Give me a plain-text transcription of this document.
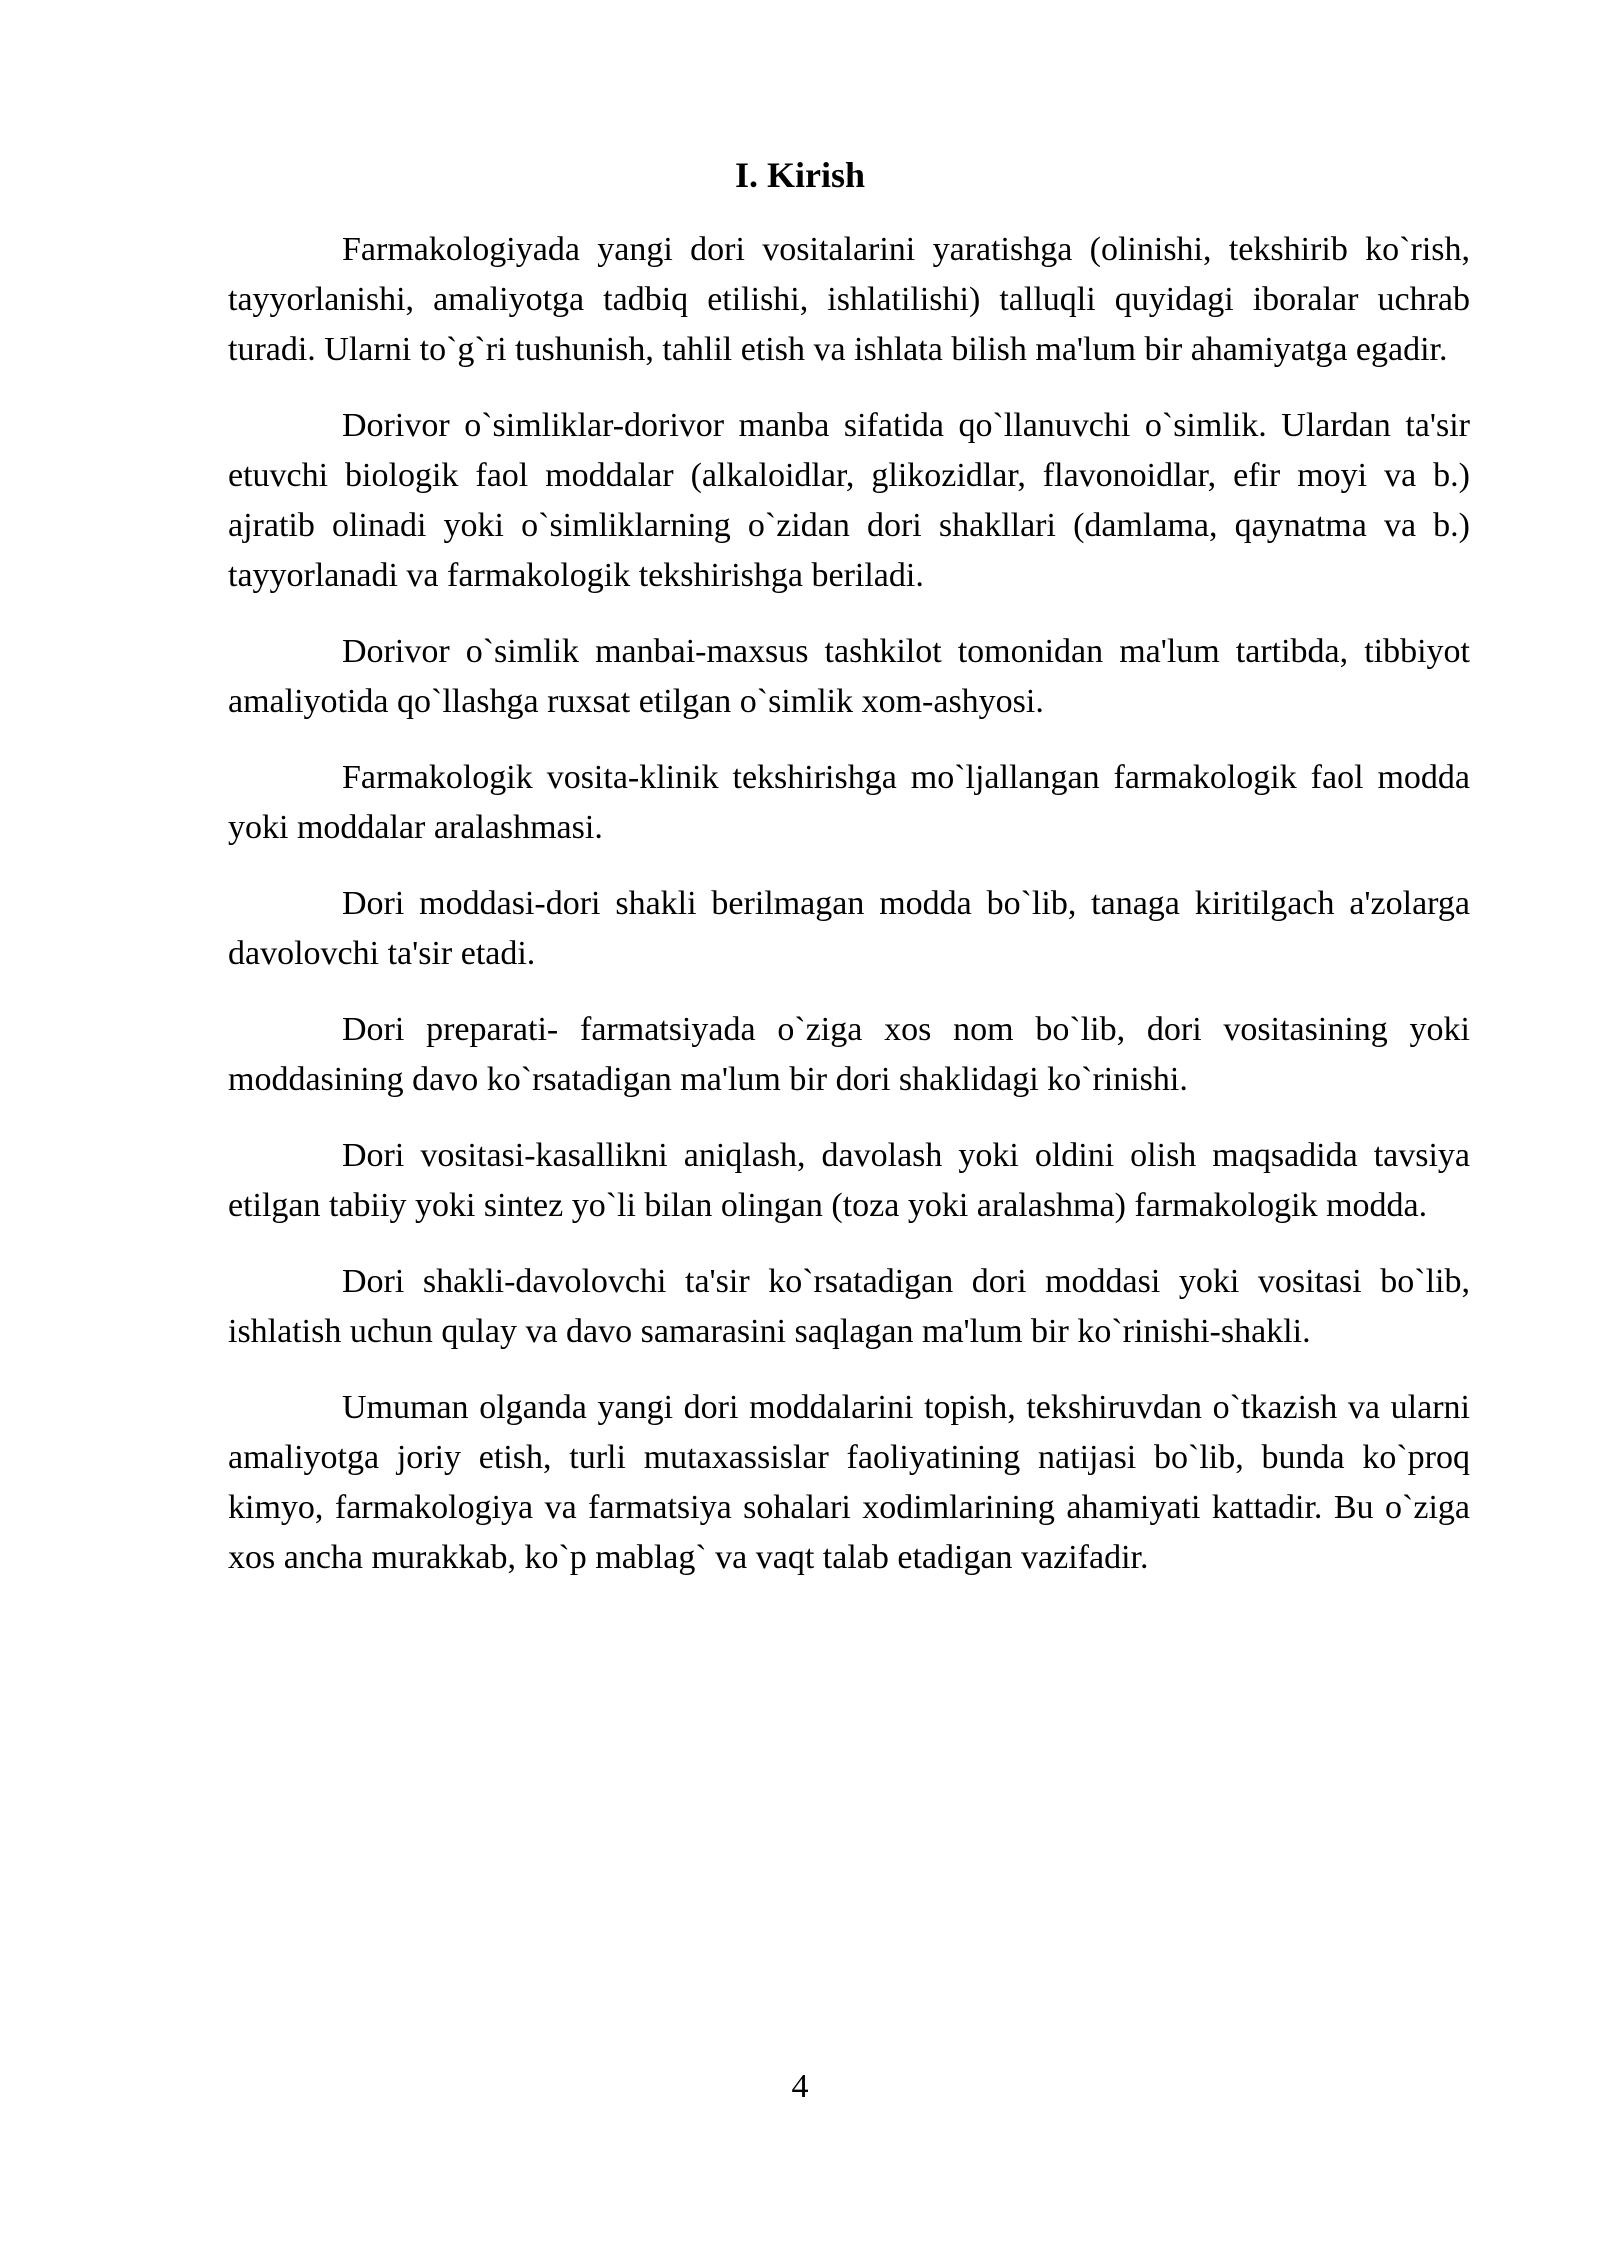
I. Kirish

Farmakologiyada yangi dori vositalarini yaratishga (olinishi, tekshirib ko`rish, tayyorlanishi, amaliyotga tadbiq etilishi, ishlatilishi) talluqli quyidagi iboralar uchrab turadi. Ularni to`g`ri tushunish, tahlil etish va ishlata bilish ma'lum bir ahamiyatga egadir.

Dorivor o`simliklar-dorivor manba sifatida qo`llanuvchi o`simlik. Ulardan ta'sir etuvchi biologik faol moddalar (alkaloidlar, glikozidlar, flavonoidlar, efir moyi va b.) ajratib olinadi yoki o`simliklarning o`zidan dori shakllari (damlama, qaynatma va b.) tayyorlanadi va farmakologik tekshirishga beriladi.

Dorivor o`simlik manbai-maxsus tashkilot tomonidan ma'lum tartibda, tibbiyot amaliyotida qo`llashga ruxsat etilgan o`simlik xom-ashyosi.

Farmakologik vosita-klinik tekshirishga mo`ljallangan farmakologik faol modda yoki moddalar aralashmasi.

Dori moddasi-dori shakli berilmagan modda bo`lib, tanaga kiritilgach a'zolarga davolovchi ta'sir etadi.

Dori preparati- farmatsiyada o`ziga xos nom bo`lib, dori vositasining yoki moddasining davo ko`rsatadigan ma'lum bir dori shaklidagi ko`rinishi.

Dori vositasi-kasallikni aniqlash, davolash yoki oldini olish maqsadida tavsiya etilgan tabiiy yoki sintez yo`li bilan olingan (toza yoki aralashma) farmakologik modda.

Dori shakli-davolovchi ta'sir ko`rsatadigan dori moddasi yoki vositasi bo`lib, ishlatish uchun qulay va davo samarasini saqlagan ma'lum bir ko`rinishi-shakli.

Umuman olganda yangi dori moddalarini topish, tekshiruvdan o`tkazish va ularni amaliyotga joriy etish, turli mutaxassislar faoliyatining natijasi bo`lib, bunda ko`proq kimyo, farmakologiya va farmatsiya sohalari xodimlarining ahamiyati kattadir. Bu o`ziga xos ancha murakkab, ko`p mablag` va vaqt talab etadigan vazifadir.

4
